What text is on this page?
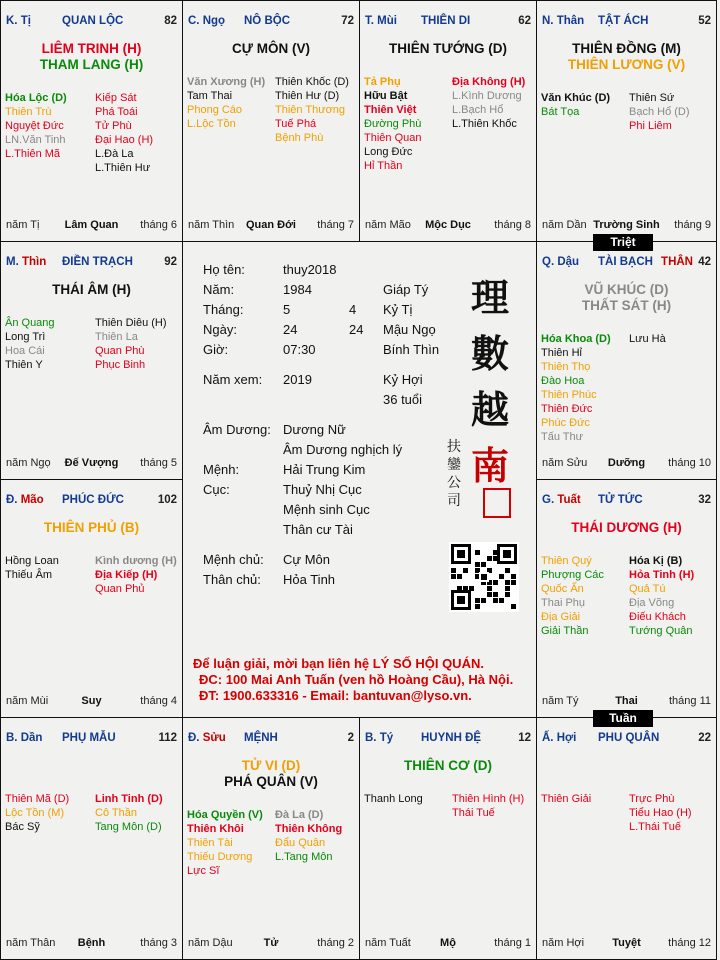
K. Tị	QUAN LỘC	82
LIÊM TRINH (H)
THAM LANG (H)
Hóa Lộc (D)
Thiên Trù
Nguyệt Đức
LN.Văn Tinh
L.Thiên Mã
Kiếp Sát
Phá Toái
Tử Phù
Đại Hao (H)
L.Đà La
L.Thiên Hư
năm Tị	Lâm Quan	tháng 6
C. Ngọ NÔ BỘC	72
CỰ MÔN (V)
Văn Xương (H)
Tam Thai
Phong Cáo
L.Lộc Tồn
Thiên Khốc (D)
Thiên Hư (D)
Thiên Thương
Tuế Phá
Bệnh Phù
năm Thìn	Quan Đới	tháng 7
T. Mùi THIÊN DI	62
THIÊN TƯỚNG (D)
Tả Phụ
Hữu Bật
Thiên Việt
Đường Phù
Thiên Quan
Long Đức
Hỉ Thần
Địa Không (H)
L.Kình Dương
L.Bạch Hổ
L.Thiên Khốc
năm Mão	Mộc Dục	tháng 8
N. Thân TẬT ÁCH	52
THIÊN ĐỒNG (M)
THIÊN LƯƠNG (V)
Văn Khúc (D)
Bát Tọa
Thiên Sứ
Bạch Hổ (D)
Phi Liêm
năm Dần Trường Sinh	tháng 9
M. Thìn ĐIỀN TRẠCH	92
THÁI ÂM (H)
Ân Quang
Long Trì
Hoa Cái
Thiên Y
Thiên Diêu (H)
Thiên La
Quan Phù
Phục Binh
năm Ngọ	Đế Vượng	tháng 5
Q. Dậu TÀI BẠCH THÂN 42
VŨ KHÚC (D)
THẤT SÁT (H)
Hóa Khoa (D)
Thiên Hỉ
Thiên Thọ
Đào Hoa
Thiên Phúc
Thiên Đức
Phúc Đức
Tấu Thư
Lưu Hà
năm Sửu	Dưỡng	tháng 10
Đ. Mão PHÚC ĐỨC	102
THIÊN PHỦ (B)
Hồng Loan
Thiếu Âm
Kình dương (H)
Địa Kiếp (H)
Quan Phủ
năm Mùi	Suy	tháng 4
G. Tuất TỬ TỨC	32
THÁI DƯƠNG (H)
Thiên Quý
Phượng Các
Quốc Ấn
Thai Phụ
Địa Giải
Giải Thần
Hóa Kị (B)
Hỏa Tinh (H)
Quả Tú
Địa Võng
Điếu Khách
Tướng Quân
năm Tý	Thai	tháng 11
B. Dần PHỤ MẪU	112
Thiên Mã (D)
Lộc Tồn (M)
Bác Sỹ
Linh Tinh (D)
Cô Thần
Tang Môn (D)
năm Thân	Bệnh	tháng 3
Đ. Sửu MỆNH	2
TỬ VI (D)
PHÁ QUÂN (V)
Hóa Quyền (V)
Thiên Khôi
Thiên Tài
Thiếu Dương
Lực Sĩ
Đà La (D)
Thiên Không
Đẩu Quân
L.Tang Môn
năm Dậu	Tử	tháng 2
B. Tý HUYNH ĐỆ	12
THIÊN CƠ (D)
Thanh Long	Thiên Hình (H)
Thái Tuế
năm Tuất	Mộ	tháng 1
Ấ. Hợi PHU QUÂN	22
Thiên Giải	Trực Phù
Tiểu Hao (H)
L.Thái Tuế
năm Hợi	Tuyệt	tháng 12
Họ tên:	thuy2018
Năm:	1984	Giáp Tý
Tháng:	5	4 Kỷ Tị
Ngày:	24	24 Mậu Ngọ
Giờ:	07:30	Bính Thìn
Năm xem: 2019	Kỷ Hợi
36 tuổi
Âm Dương: Dương Nữ
Âm Dương nghịch lý
Mệnh:	Hải Trung Kim
Cục:	Thuỷ Nhị Cục
Mệnh sinh Cục
Thân cư Tài
Mệnh chủ: Cự Môn
Thân chủ: Hỏa Tinh
理
數
越
南
扶
鑾
公
司
Để luận giải, mời bạn liên hệ LÝ SỐ HỘI QUÁN.
ĐC: 100 Mai Anh Tuấn (ven hồ Hoàng Cầu), Hà Nội.
ĐT: 1900.633316 - Email: bantuvan@lyso.vn.
Triệt
Tuần
